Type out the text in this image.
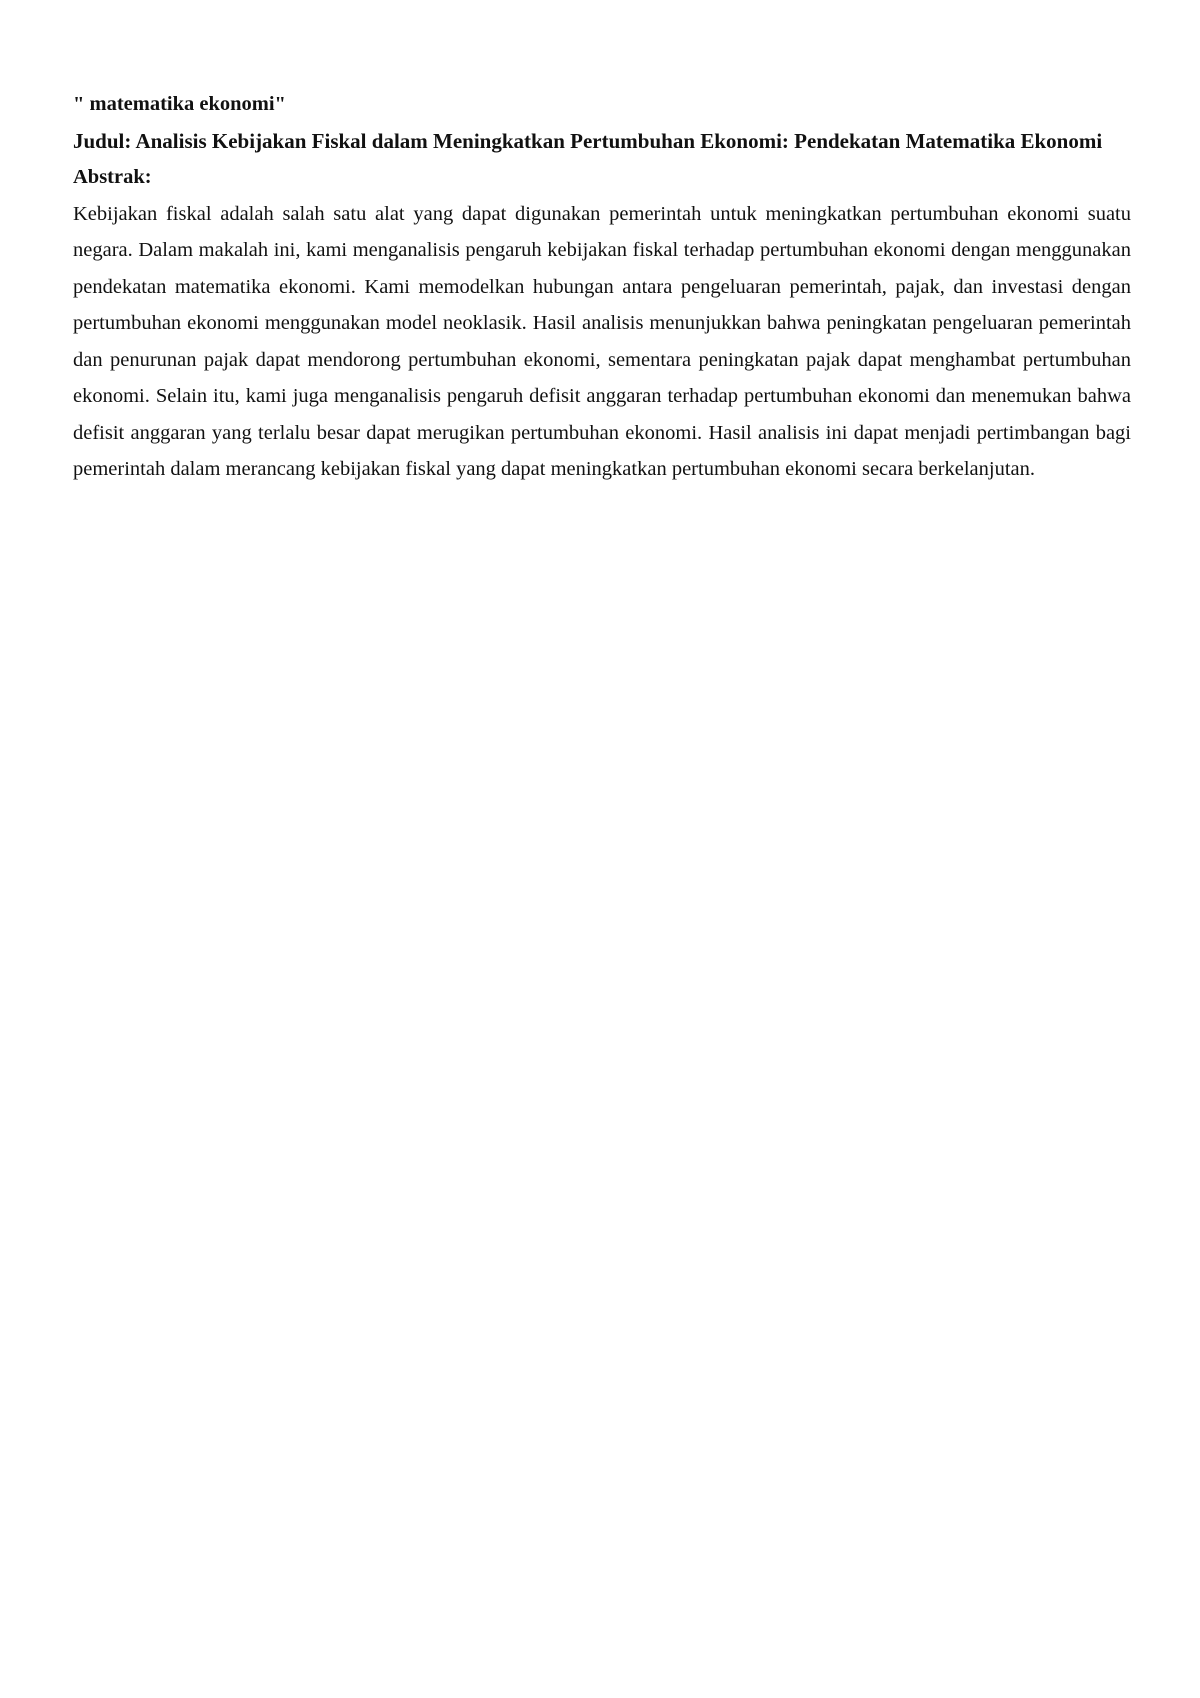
" matematika ekonomi"

Judul: Analisis Kebijakan Fiskal dalam Meningkatkan Pertumbuhan Ekonomi: Pendekatan Matematika Ekonomi

Abstrak:

Kebijakan fiskal adalah salah satu alat yang dapat digunakan pemerintah untuk meningkatkan pertumbuhan ekonomi suatu negara. Dalam makalah ini, kami menganalisis pengaruh kebijakan fiskal terhadap pertumbuhan ekonomi dengan menggunakan pendekatan matematika ekonomi. Kami memodelkan hubungan antara pengeluaran pemerintah, pajak, dan investasi dengan pertumbuhan ekonomi menggunakan model neoklasik. Hasil analisis menunjukkan bahwa peningkatan pengeluaran pemerintah dan penurunan pajak dapat mendorong pertumbuhan ekonomi, sementara peningkatan pajak dapat menghambat pertumbuhan ekonomi. Selain itu, kami juga menganalisis pengaruh defisit anggaran terhadap pertumbuhan ekonomi dan menemukan bahwa defisit anggaran yang terlalu besar dapat merugikan pertumbuhan ekonomi. Hasil analisis ini dapat menjadi pertimbangan bagi pemerintah dalam merancang kebijakan fiskal yang dapat meningkatkan pertumbuhan ekonomi secara berkelanjutan.
